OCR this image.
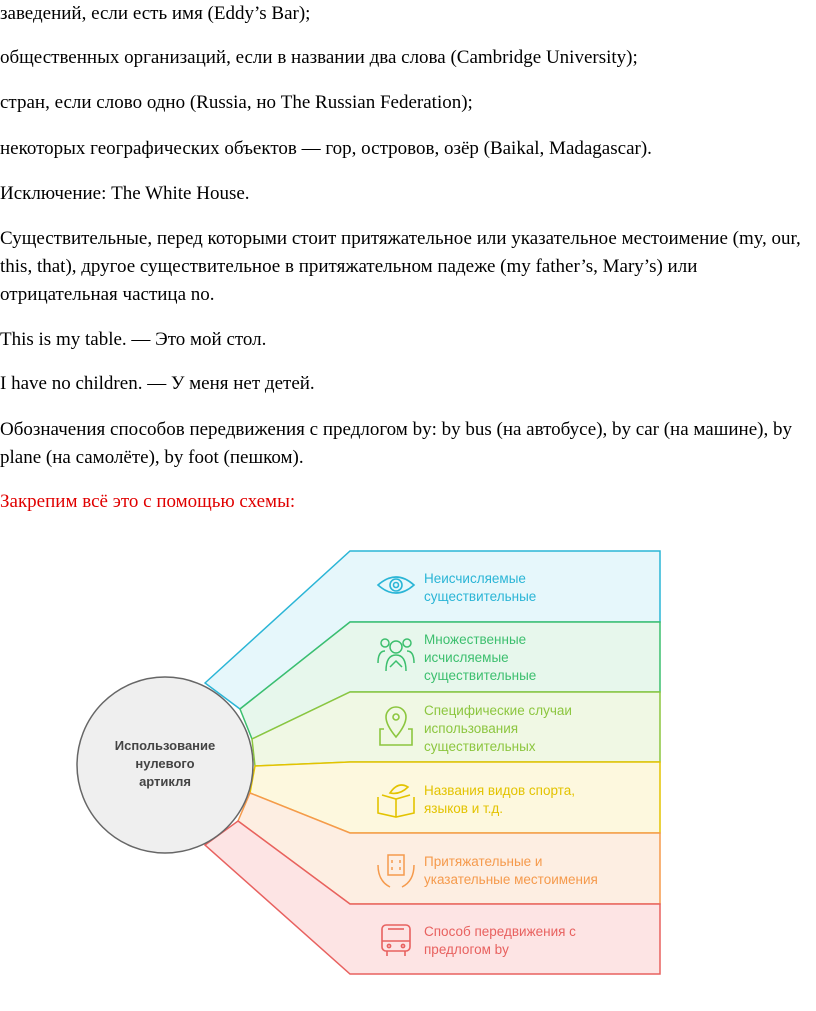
заведений, если есть имя (Eddy’s Bar);

общественных организаций, если в названии два слова (Cambridge University);

стран, если слово одно (Russia, но The Russian Federation);

некоторых географических объектов — гор, островов, озёр (Baikal, Madagascar).

Исключение: The White House.

Существительные, перед которыми стоит притяжательное или указательное местоимение (my, our, this, that), другое существительное в притяжательном падеже (my father’s, Mary’s) или отрицательная частица no.

This is my table. — Это мой стол.

I have no children. — У меня нет детей.

Обозначения способов передвижения с предлогом by: by bus (на автобусе), by car (на машине), by plane (на самолёте), by foot (пешком).

Закрепим всё это с помощью схемы:

Использование
нулевого
артикля
Неисчисляемые
существительные
Множественные
исчисляемые
существительные
Специфические случаи
использования
существительных
Названия видов спорта,
языков и т.д.
Притяжательные и
указательные местоимения
Способ передвижения с
предлогом by
